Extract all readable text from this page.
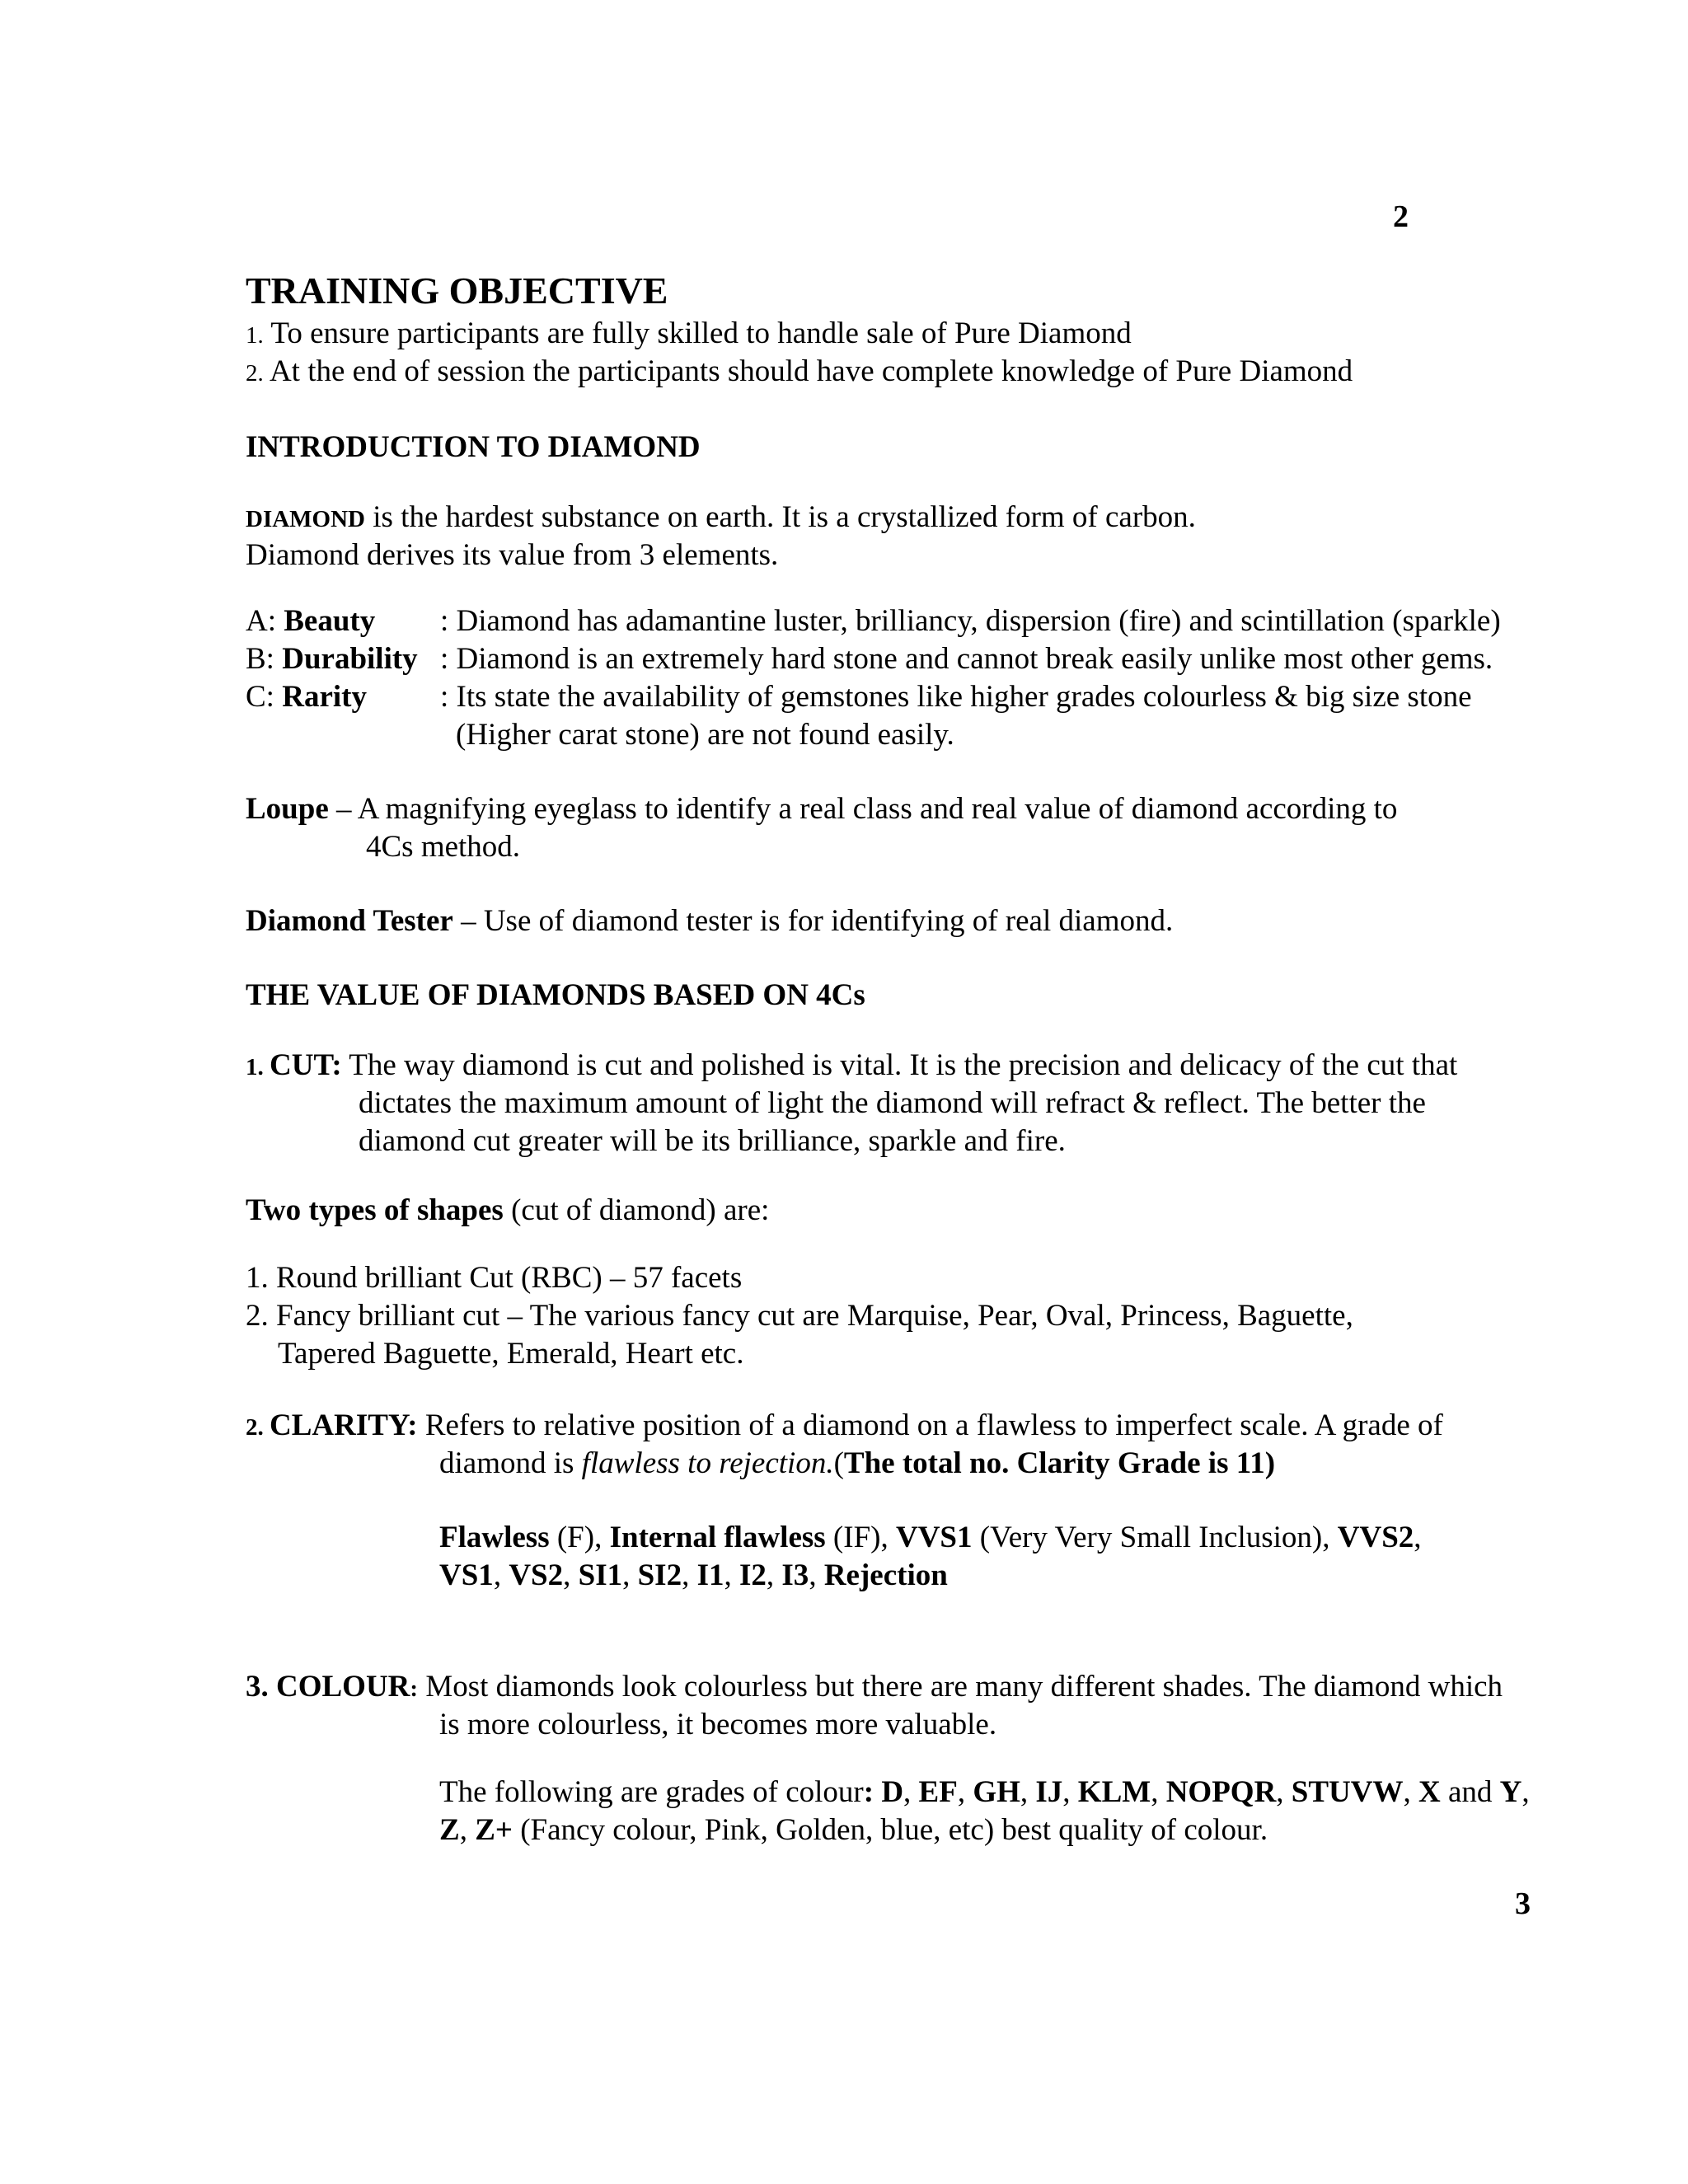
2
TRAINING OBJECTIVE
1. To ensure participants are fully skilled to handle sale of Pure Diamond
2. At the end of session the participants should have complete knowledge of Pure Diamond
INTRODUCTION TO DIAMOND
DIAMOND is the hardest substance on earth. It is a crystallized form of carbon.
Diamond derives its value from 3 elements.
A: Beauty : Diamond has adamantine luster, brilliancy, dispersion (fire) and scintillation (sparkle)
B: Durability : Diamond is an extremely hard stone and cannot break easily unlike most other gems.
C: Rarity : Its state the availability of gemstones like higher grades colourless & big size stone
(Higher carat stone) are not found easily.
Loupe – A magnifying eyeglass to identify a real class and real value of diamond according to
4Cs method.
Diamond Tester – Use of diamond tester is for identifying of real diamond.
THE VALUE OF DIAMONDS BASED ON 4Cs
1. CUT: The way diamond is cut and polished is vital. It is the precision and delicacy of the cut that
dictates the maximum amount of light the diamond will refract & reflect. The better the
diamond cut greater will be its brilliance, sparkle and fire.
Two types of shapes (cut of diamond) are:
1. Round brilliant Cut (RBC) – 57 facets
2. Fancy brilliant cut – The various fancy cut are Marquise, Pear, Oval, Princess, Baguette,
Tapered Baguette, Emerald, Heart etc.
2. CLARITY: Refers to relative position of a diamond on a flawless to imperfect scale. A grade of
diamond is flawless to rejection.(The total no. Clarity Grade is 11)
Flawless (F), Internal flawless (IF), VVS1 (Very Very Small Inclusion), VVS2,
VS1, VS2, SI1, SI2, I1, I2, I3, Rejection
3. COLOUR: Most diamonds look colourless but there are many different shades. The diamond which
is more colourless, it becomes more valuable.
The following are grades of colour: D, EF, GH, IJ, KLM, NOPQR, STUVW, X and Y,
Z, Z+ (Fancy colour, Pink, Golden, blue, etc) best quality of colour.
3
